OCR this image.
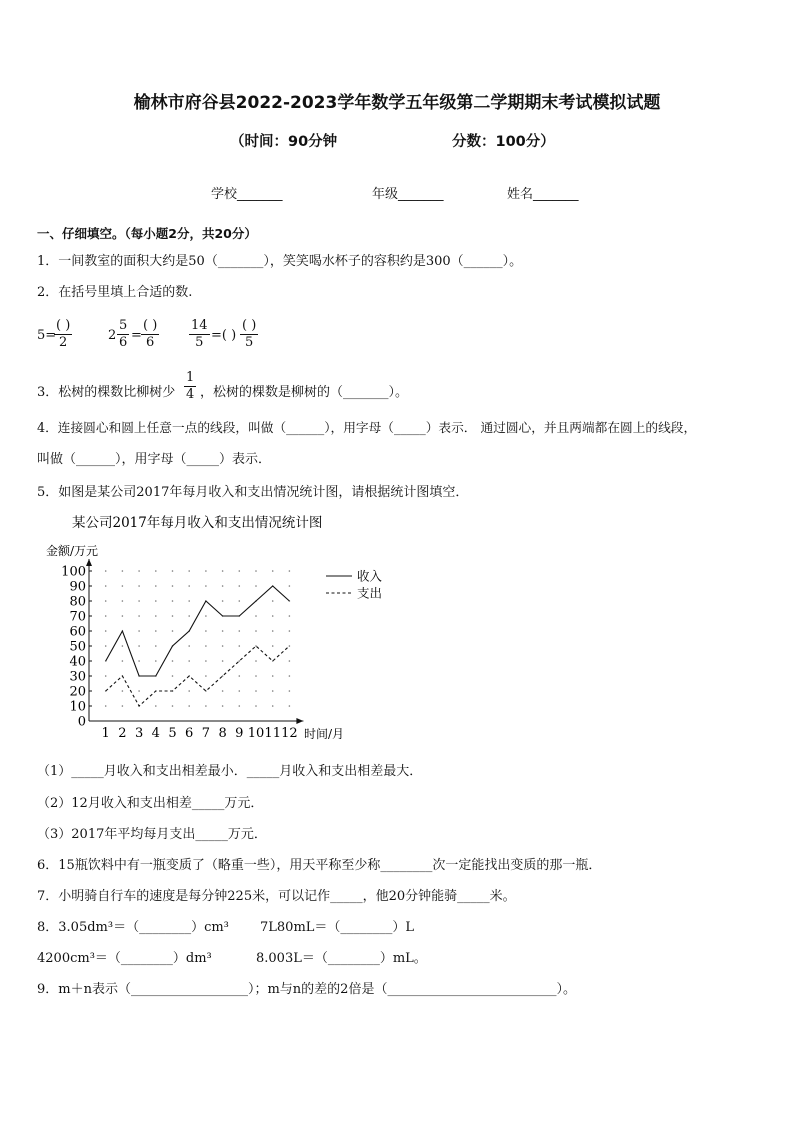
榆林市府谷县2022-2023学年数学五年级第二学期期末考试模拟试题
（时间：90分钟	分数：100分）
学校_______	年级_______	姓名_______
一、仔细填空。（每小题2分，共20分）
1．一间教室的面积大约是50（_______），笑笑喝水杯子的容积约是300（______）。
2．在括号里填上合适的数.
5=
( )
2	$2 \frac{5}{6}$ =
( )
6	$\frac{14}{5}$ =( )
( )
5
3．松树的棵数比柳树少 $\frac{1}{4}$ ，松树的棵数是柳树的（_______）。
4．连接圆心和圆上任意一点的线段，叫做（______），用字母（_____）表示． 通过圆心，并且两端都在圆上的线段，
叫做（______），用字母（_____）表示．
5．如图是某公司2017年每月收入和支出情况统计图，请根据统计图填空．
某公司2017年每月收入和支出情况统计图
金额/万元
时间/月
0
10
20
30
40
50
60
70
80
90
100
1 2 3 4 5 6 7 8 9 10 11 12
收入
支出
（1）_____月收入和支出相差最小．_____月收入和支出相差最大．
（2）12月收入和支出相差_____万元．
（3）2017年平均每月支出_____万元．
6．15瓶饮料中有一瓶变质了（略重一些），用天平称至少称________次一定能找出变质的那一瓶．
7．小明骑自行车的速度是每分钟225米，可以记作_____，他20分钟能骑_____米。
8．3.05dm³＝（________）cm³ 7L80mL＝（________）L
4200cm³＝（________）dm³	8.003L＝（________）mL。
9．m＋n表示（__________________）；m与n的差的2倍是（__________________________）。
